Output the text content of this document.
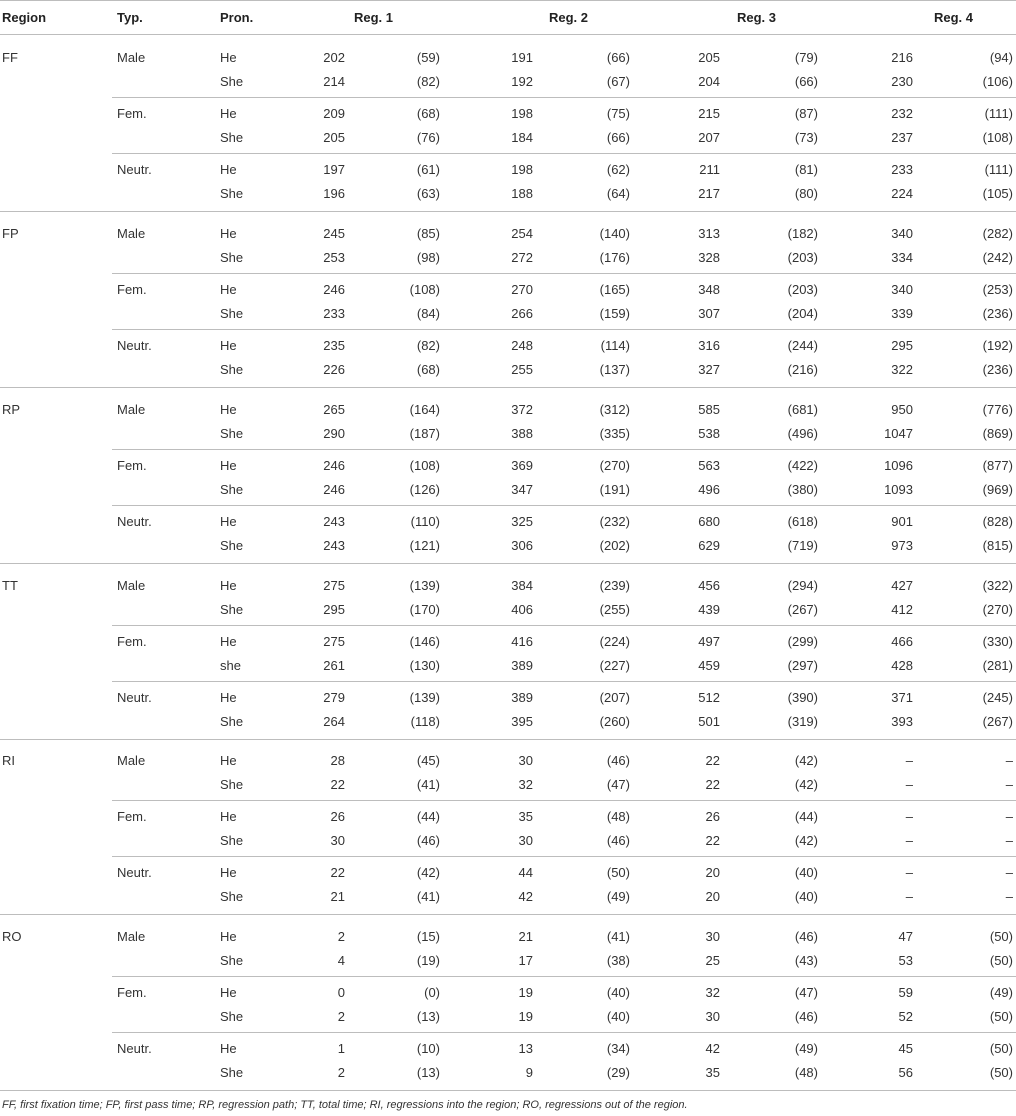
Region	Typ.	Pron.	Reg. 1	Reg. 2	Reg. 3	Reg. 4
FF	Male	He	202	(59)	191	(66)	205	(79)	216	(94)
She	214	(82)	192	(67)	204	(66)	230	(106)
Fem.	He	209	(68)	198	(75)	215	(87)	232	(111)
She	205	(76)	184	(66)	207	(73)	237	(108)
Neutr.	He	197	(61)	198	(62)	211	(81)	233	(111)
She	196	(63)	188	(64)	217	(80)	224	(105)
FP	Male	He	245	(85)	254	(140)	313	(182)	340	(282)
She	253	(98)	272	(176)	328	(203)	334	(242)
Fem.	He	246	(108)	270	(165)	348	(203)	340	(253)
She	233	(84)	266	(159)	307	(204)	339	(236)
Neutr.	He	235	(82)	248	(114)	316	(244)	295	(192)
She	226	(68)	255	(137)	327	(216)	322	(236)
RP	Male	He	265	(164)	372	(312)	585	(681)	950	(776)
She	290	(187)	388	(335)	538	(496)	1047	(869)
Fem.	He	246	(108)	369	(270)	563	(422)	1096	(877)
She	246	(126)	347	(191)	496	(380)	1093	(969)
Neutr.	He	243	(110)	325	(232)	680	(618)	901	(828)
She	243	(121)	306	(202)	629	(719)	973	(815)
TT	Male	He	275	(139)	384	(239)	456	(294)	427	(322)
She	295	(170)	406	(255)	439	(267)	412	(270)
Fem.	He	275	(146)	416	(224)	497	(299)	466	(330)
she	261	(130)	389	(227)	459	(297)	428	(281)
Neutr.	He	279	(139)	389	(207)	512	(390)	371	(245)
She	264	(118)	395	(260)	501	(319)	393	(267)
RI	Male	He	28	(45)	30	(46)	22	(42)	–	–
She	22	(41)	32	(47)	22	(42)	–	–
Fem.	He	26	(44)	35	(48)	26	(44)	–	–
She	30	(46)	30	(46)	22	(42)	–	–
Neutr.	He	22	(42)	44	(50)	20	(40)	–	–
She	21	(41)	42	(49)	20	(40)	–	–
RO	Male	He	2	(15)	21	(41)	30	(46)	47	(50)
She	4	(19)	17	(38)	25	(43)	53	(50)
Fem.	He	0	(0)	19	(40)	32	(47)	59	(49)
She	2	(13)	19	(40)	30	(46)	52	(50)
Neutr.	He	1	(10)	13	(34)	42	(49)	45	(50)
She	2	(13)	9	(29)	35	(48)	56	(50)
FF, first fixation time; FP, first pass time; RP, regression path; TT, total time; RI, regressions into the region; RO, regressions out of the region.
